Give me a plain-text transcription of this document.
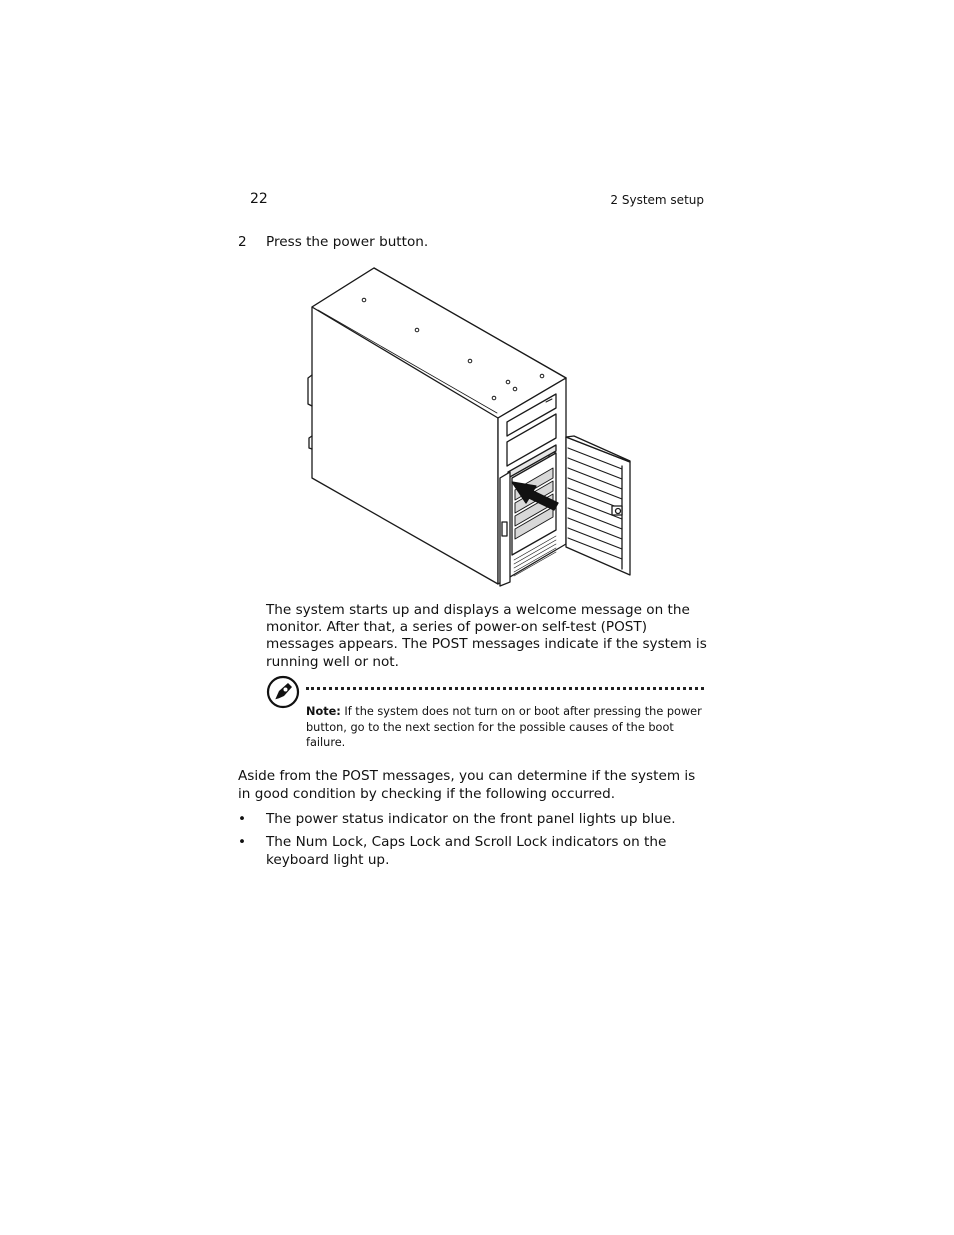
22	2 System setup
2	Press the power button.
The system starts up and displays a welcome message on the monitor. After that, a series of power-on self-test (POST) messages appears. The POST messages indicate if the system is running well or not.
Note: If the system does not turn on or boot after pressing the power button, go to the next section for the possible causes of the boot failure.
Aside from the POST messages, you can determine if the system is in good condition by checking if the following occurred.
•	The power status indicator on the front panel lights up blue.
•	The Num Lock, Caps Lock and Scroll Lock indicators on the keyboard light up.
